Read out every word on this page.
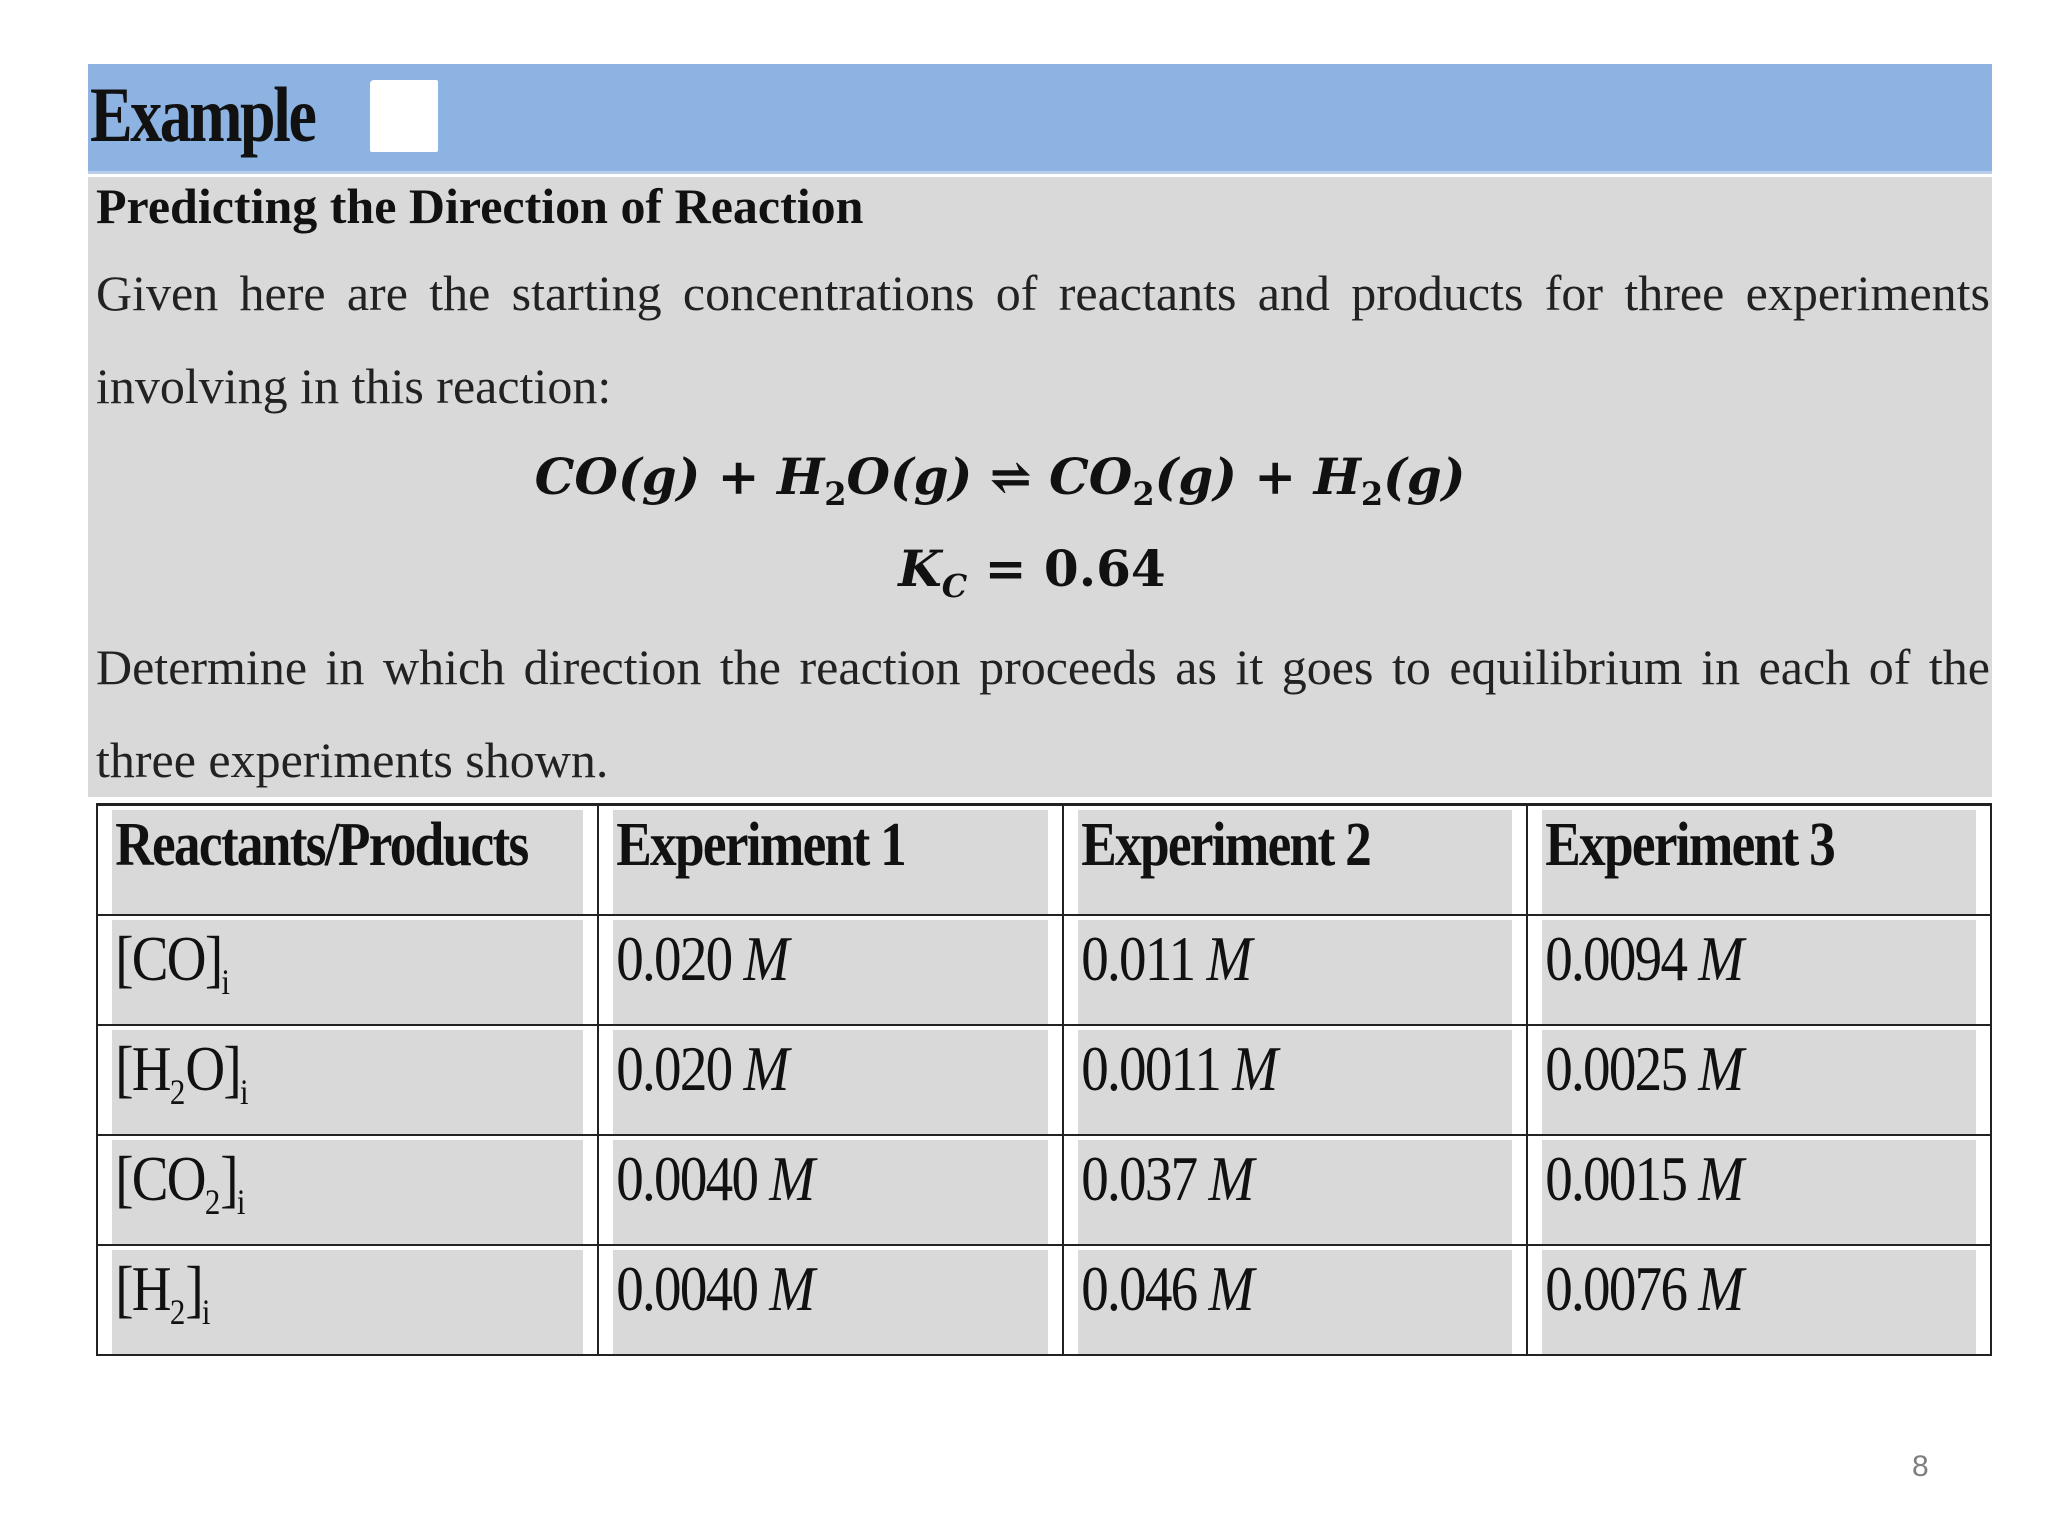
Example
Predicting the Direction of Reaction
Given here are the starting concentrations of reactants and products for three experiments involving in this reaction:
$CO(g) + H_2O(g)$ ⇌ $CO_2(g) + H_2(g)$
$K_C = 0.64$
Determine in which direction the reaction proceeds as it goes to equilibrium in each of the three experiments shown.
Reactants/Products	Experiment 1	Experiment 2	Experiment 3

$[CO]_i$	0.020 M	0.011 M	0.0094 M

$[H_2O]_i$	0.020 M	0.0011 M	0.0025 M

$[CO_2]_i$	0.0040 M	0.037 M	0.0015 M

$[H_2]_i$	0.0040 M	0.046 M	0.0076 M
8
